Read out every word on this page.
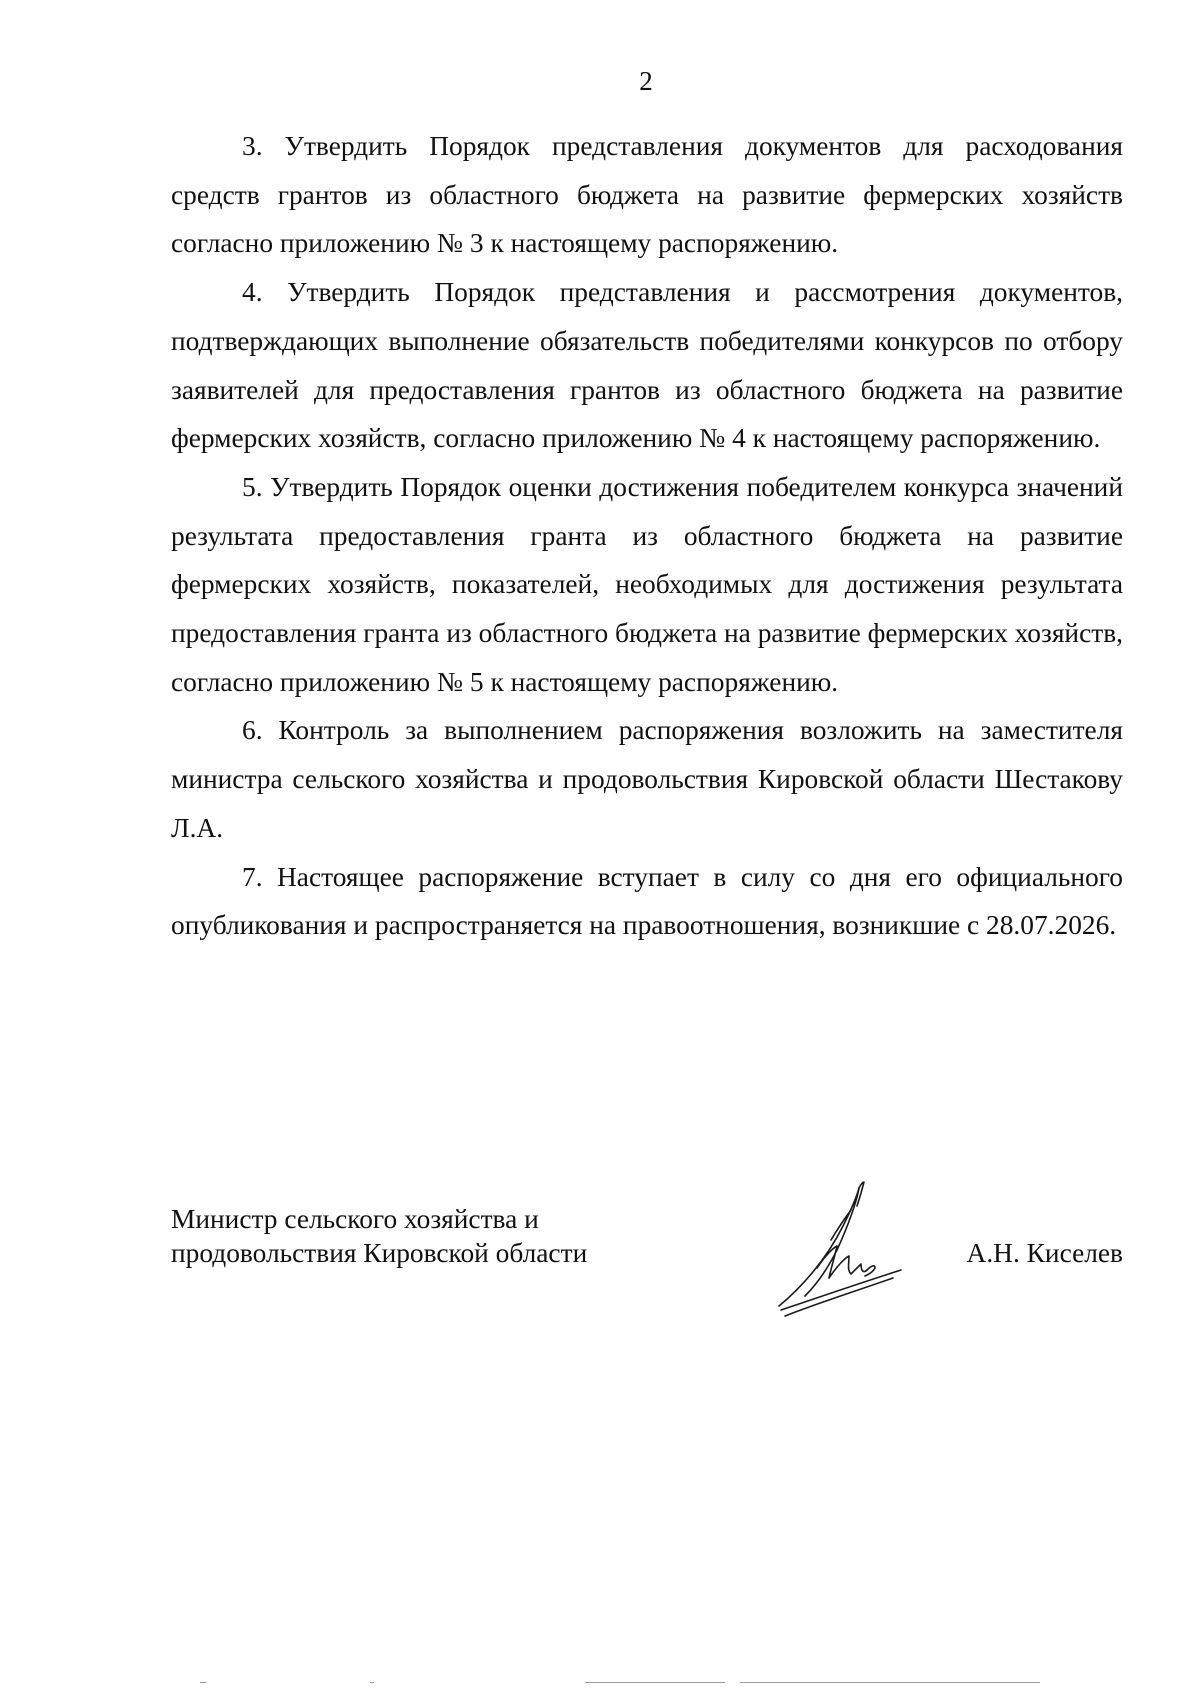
2

3. Утвердить Порядок представления документов для расходования средств грантов из областного бюджета на развитие фермерских хозяйств согласно приложению № 3 к настоящему распоряжению.

4. Утвердить Порядок представления и рассмотрения документов, подтверждающих выполнение обязательств победителями конкурсов по отбору заявителей для предоставления грантов из областного бюджета на развитие фермерских хозяйств, согласно приложению № 4 к настоящему распоряжению.

5. Утвердить Порядок оценки достижения победителем конкурса значений результата предоставления гранта из областного бюджета на развитие фермерских хозяйств, показателей, необходимых для достижения результата предоставления гранта из областного бюджета на развитие фермерских хозяйств, согласно приложению № 5 к настоящему распоряжению.

6. Контроль за выполнением распоряжения возложить на заместителя министра сельского хозяйства и продовольствия Кировской области Шестакову Л.А.

7. Настоящее распоряжение вступает в силу со дня его официального опубликования и распространяется на правоотношения, возникшие с 28.07.2026.

Министр сельского хозяйства и
продовольствия Кировской области	А.Н. Киселев
